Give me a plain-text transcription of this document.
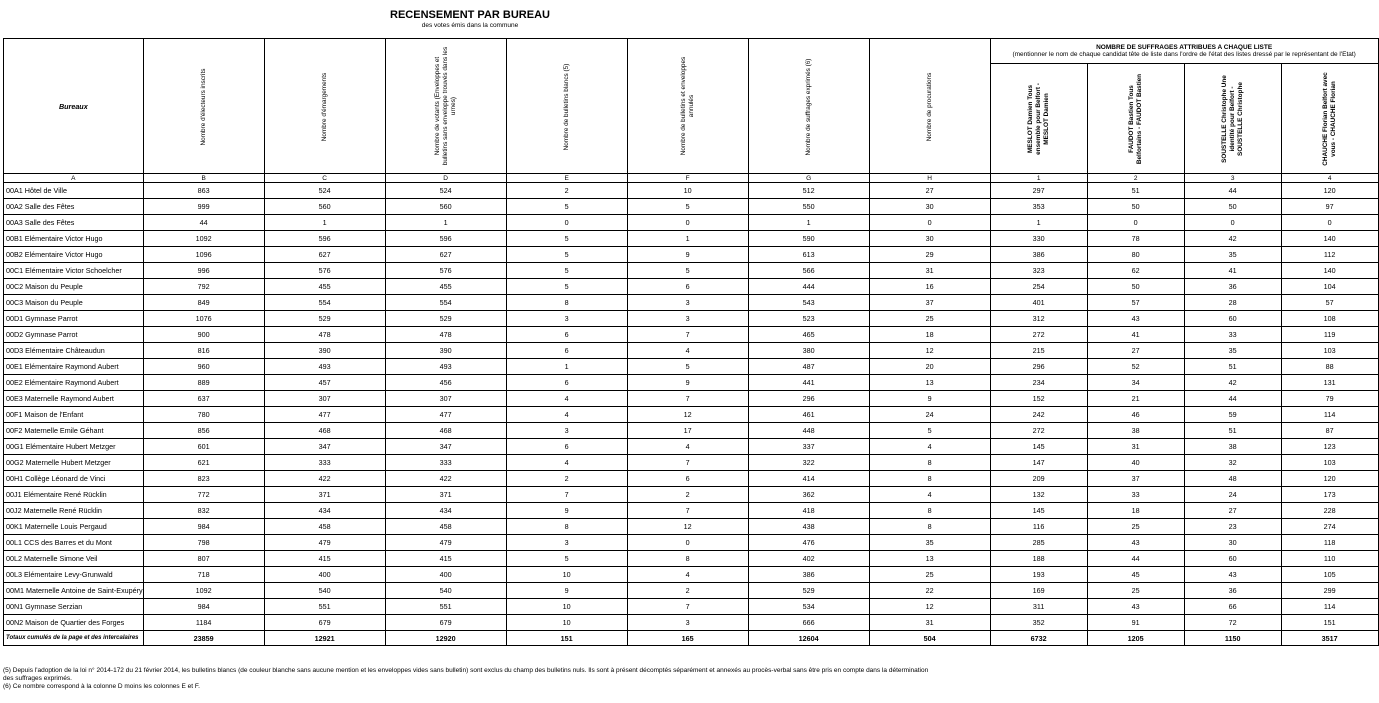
RECENSEMENT PAR BUREAU
des votes émis dans la commune
Bureaux	Nombre d'électeurs inscrits	Nombre d'émargements	Nombre de votants (Enveloppes et bulletins sans enveloppe trouvés dans les urnes)	Nombre de bulletins blancs (5)	Nombre de bulletins et enveloppes annulés	Nombre de suffrages exprimés (6)	Nombre de procurations	NOMBRE DE SUFFRAGES ATTRIBUES A CHAQUE LISTE
(mentionner le nom de chaque candidat tête de liste dans l'ordre de l'état des listes dressé par le représentant de l'Etat)			
								MESLOT Damien Tous ensemble pour Belfort - MESLOT Damien	FAUDOT Bastien Tous Belfortains - FAUDOT Bastien	SOUSTELLE Christophe Une identité pour Belfort - SOUSTELLE Christophe	CHAUCHE Florian Belfort avec vous - CHAUCHE Florian
A	B	C	D	E	F	G	H	1	2	3	4
00A1 Hôtel de Ville	863	524	524	2	10	512	27	297	51	44	120
00A2 Salle des Fêtes	999	560	560	5	5	550	30	353	50	50	97
00A3 Salle des Fêtes	44	1	1	0	0	1	0	1	0	0	0
00B1 Elémentaire Victor Hugo	1092	596	596	5	1	590	30	330	78	42	140
00B2 Elémentaire Victor Hugo	1096	627	627	5	9	613	29	386	80	35	112
00C1 Elémentaire Victor Schoelcher	996	576	576	5	5	566	31	323	62	41	140
00C2 Maison du Peuple	792	455	455	5	6	444	16	254	50	36	104
00C3 Maison du Peuple	849	554	554	8	3	543	37	401	57	28	57
00D1 Gymnase Parrot	1076	529	529	3	3	523	25	312	43	60	108
00D2 Gymnase Parrot	900	478	478	6	7	465	18	272	41	33	119
00D3 Elémentaire Châteaudun	816	390	390	6	4	380	12	215	27	35	103
00E1 Elémentaire Raymond Aubert	960	493	493	1	5	487	20	296	52	51	88
00E2 Elémentaire Raymond Aubert	889	457	456	6	9	441	13	234	34	42	131
00E3 Maternelle Raymond Aubert	637	307	307	4	7	296	9	152	21	44	79
00F1 Maison de l'Enfant	780	477	477	4	12	461	24	242	46	59	114
00F2 Maternelle Emile Géhant	856	468	468	3	17	448	5	272	38	51	87
00G1 Elémentaire Hubert Metzger	601	347	347	6	4	337	4	145	31	38	123
00G2 Maternelle Hubert Metzger	621	333	333	4	7	322	8	147	40	32	103
00H1 Collège Léonard de Vinci	823	422	422	2	6	414	8	209	37	48	120
00J1 Elémentaire René Rücklin	772	371	371	7	2	362	4	132	33	24	173
00J2 Maternelle René Rücklin	832	434	434	9	7	418	8	145	18	27	228
00K1 Maternelle Louis Pergaud	984	458	458	8	12	438	8	116	25	23	274
00L1 CCS des Barres et du Mont	798	479	479	3	0	476	35	285	43	30	118
00L2 Maternelle Simone Veil	807	415	415	5	8	402	13	188	44	60	110
00L3 Elémentaire Levy-Grunwald	718	400	400	10	4	386	25	193	45	43	105
00M1 Maternelle Antoine de Saint-Exupéry	1092	540	540	9	2	529	22	169	25	36	299
00N1 Gymnase Serzian	984	551	551	10	7	534	12	311	43	66	114
00N2 Maison de Quartier des Forges	1184	679	679	10	3	666	31	352	91	72	151
Totaux cumulés de la page et des intercalaires	23859	12921	12920	151	165	12604	504	6732	1205	1150	3517
(5) Depuis l'adoption de la loi n° 2014-172 du 21 février 2014, les bulletins blancs (de couleur blanche sans aucune mention et les enveloppes vides sans bulletin) sont exclus du champ des bulletins nuls. Ils sont à présent décomptés séparément et annexés au procès-verbal sans être pris en compte dans la détermination des suffrages exprimés.
(6) Ce nombre correspond à la colonne D moins les colonnes E et F.
